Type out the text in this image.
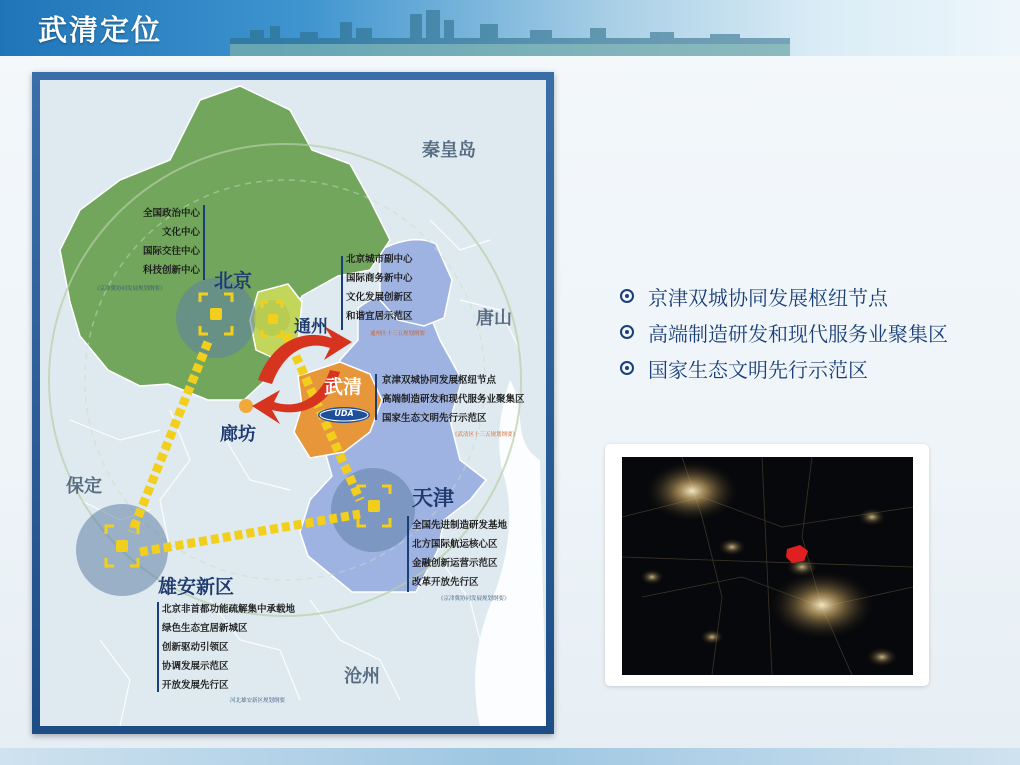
武清定位
北京
通州
武清
UDA
廊坊
天津
雄安新区
保定
秦皇岛
唐山
沧州
全国政治中心
文化中心
国际交往中心
科技创新中心
《京津冀协同发展规划纲要》
北京城市副中心
国际商务新中心
文化发展创新区
和谐宜居示范区
通州区十三五规划纲要
京津双城协同发展枢纽节点
高端制造研发和现代服务业聚集区
国家生态文明先行示范区
《武清区十三五规划纲要》
全国先进制造研发基地
北方国际航运核心区
金融创新运营示范区
改革开放先行区
《京津冀协同发展规划纲要》
北京非首都功能疏解集中承载地
绿色生态宜居新城区
创新驱动引领区
协调发展示范区
开放发展先行区
河北雄安新区规划纲要
京津双城协同发展枢纽节点
高端制造研发和现代服务业聚集区
国家生态文明先行示范区
